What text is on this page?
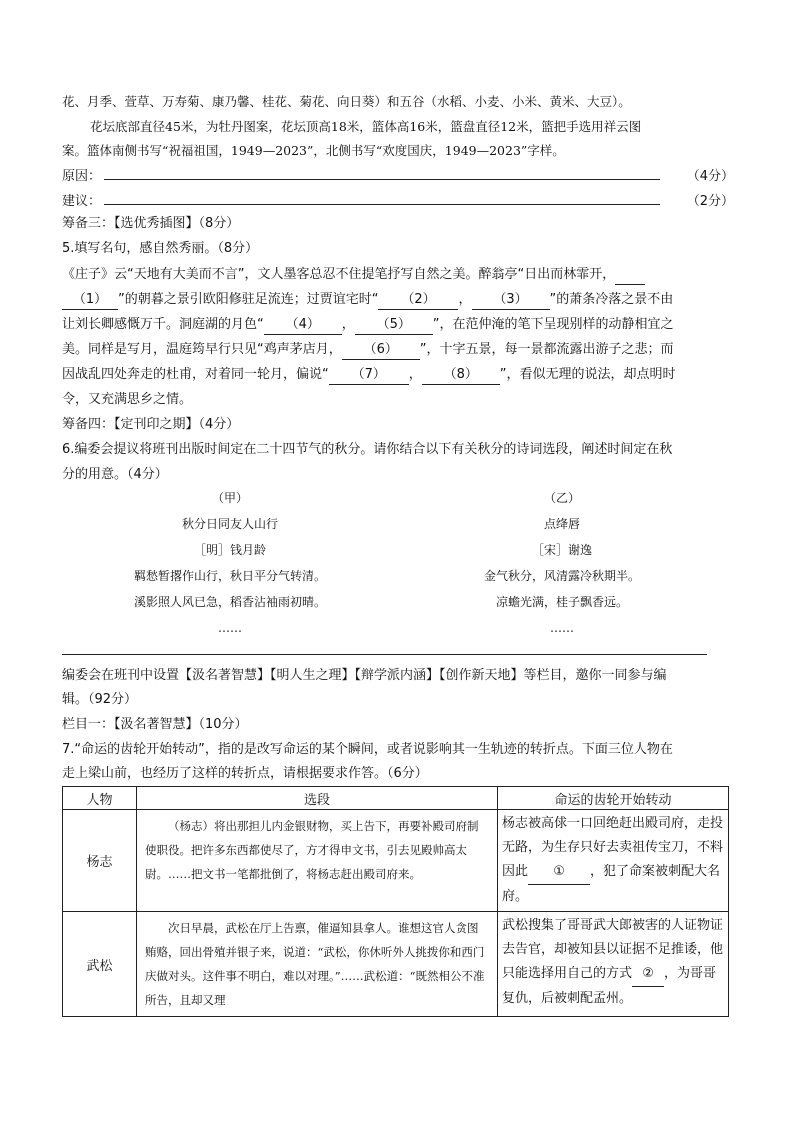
花、月季、萱草、万寿菊、康乃馨、桂花、菊花、向日葵）和五谷（水稻、小麦、小米、黄米、大豆）。
花坛底部直径45米，为牡丹图案，花坛顶高18米，篮体高16米，篮盘直径12米，篮把手选用祥云图
案。篮体南侧书写“祝福祖国，1949—2023”，北侧书写“欢度国庆，1949—2023”字样。
原因：	（4分）
建议：	（2分）
筹备三：【选优秀插图】（8分）
5.填写名句，感自然秀丽。（8分）
《庄子》云“天地有大美而不言”，文人墨客总忍不住提笔抒写自然之美。醉翁亭“日出而林霏开，
（1） ”的朝暮之景引欧阳修驻足流连；过贾谊宅时“ （2） ， （3） ”的萧条冷落之景不由
让刘长卿感慨万千。洞庭湖的月色“ （4） ， （5） ”，在范仲淹的笔下呈现别样的动静相宜之
美。同样是写月，温庭筠早行只见“鸡声茅店月， （6） ”，十字五景，每一景都流露出游子之悲；而
因战乱四处奔走的杜甫，对着同一轮月，偏说“ （7） ， （8） ”，看似无理的说法，却点明时
令，又充满思乡之情。
筹备四：【定刊印之期】（4分）
6.编委会提议将班刊出版时间定在二十四节气的秋分。请你结合以下有关秋分的诗词选段，阐述时间定在秋
分的用意。（4分）
（甲）
秋分日同友人山行
［明］钱月龄
羁愁暂撂作山行，秋日平分气转清。
溪影照人风已急，稻香沾袖雨初晴。
……
（乙）
点绛唇
［宋］谢逸
金气秋分，风清露冷秋期半。
凉蟾光满，桂子飘香远。
……
编委会在班刊中设置【汲名著智慧】【明人生之理】【辩学派内涵】【创作新天地】等栏目，邀你一同参与编
辑。（92分）
栏目一：【汲名著智慧】（10分）
7.“命运的齿轮开始转动”，指的是改写命运的某个瞬间，或者说影响其一生轨迹的转折点。下面三位人物在
走上梁山前，也经历了这样的转折点，请根据要求作答。（6分）
人物	选段	命运的齿轮开始转动
杨志	（杨志）将出那担儿内金银财物，买上告下，再要补殿司府制使职役。把许多东西都使尽了，方才得申文书，引去见殿帅高太尉。……把文书一笔都批倒了，将杨志赶出殿司府来。	杨志被高俅一口回绝赶出殿司府，走投无路，为生存只好去卖祖传宝刀，不料因此 ① ，犯了命案被刺配大名府。
武松	次日早晨，武松在厅上告禀，催逼知县拿人。谁想这官人贪图贿赂，回出骨殖并银子来，说道：“武松，你休听外人挑拨你和西门庆做对头。这件事不明白，难以对理。”……武松道：“既然相公不准所告，且却又理	武松搜集了哥哥武大郎被害的人证物证去告官，却被知县以证据不足推诿，他只能选择用自己的方式 ② ，为哥哥复仇，后被刺配孟州。
